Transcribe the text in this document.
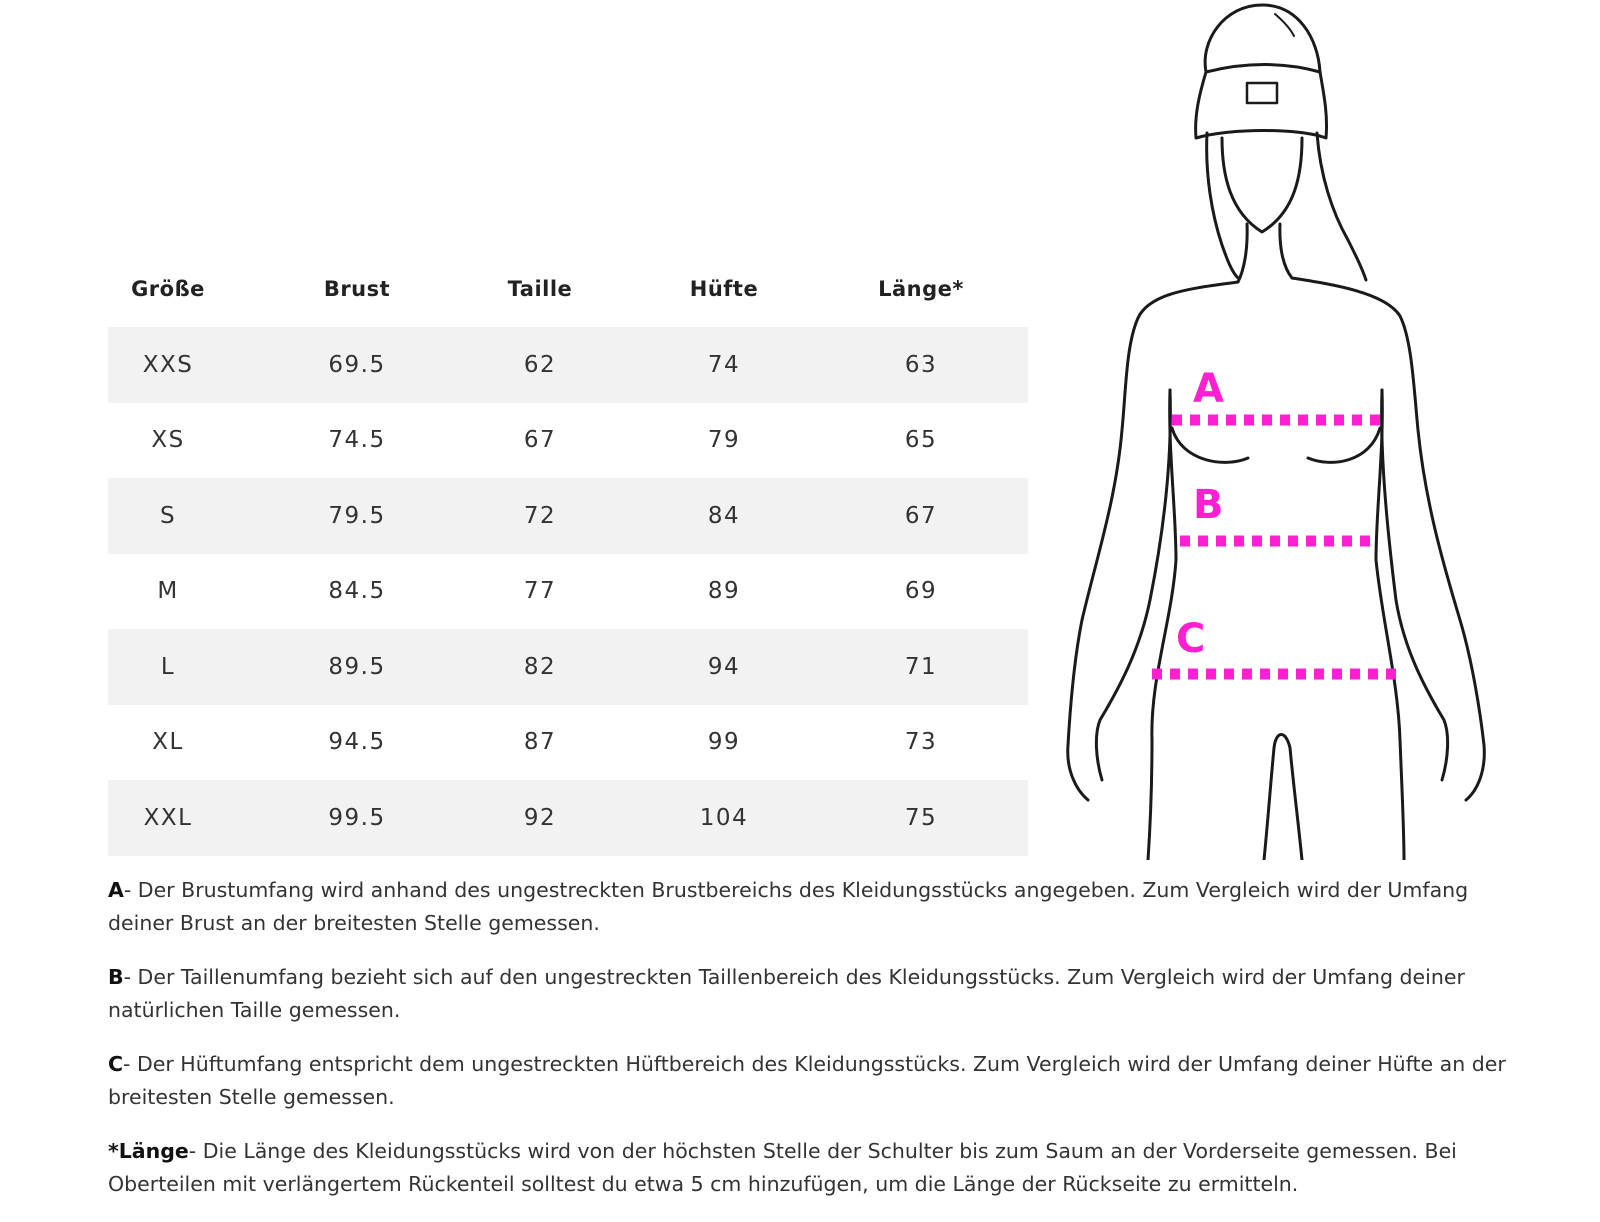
Größe	Brust	Taille	Hüfte	Länge*
XXS	69.5	62	74	63
XS	74.5	67	79	65
S	79.5	72	84	67
M	84.5	77	89	69
L	89.5	82	94	71
XL	94.5	87	99	73
XXL	99.5	92	104	75
A
B
C

A- Der Brustumfang wird anhand des ungestreckten Brustbereichs des Kleidungsstücks angegeben. Zum Vergleich wird der Umfang deiner Brust an der breitesten Stelle gemessen.

B- Der Taillenumfang bezieht sich auf den ungestreckten Taillenbereich des Kleidungsstücks. Zum Vergleich wird der Umfang deiner natürlichen Taille gemessen.

C- Der Hüftumfang entspricht dem ungestreckten Hüftbereich des Kleidungsstücks. Zum Vergleich wird der Umfang deiner Hüfte an der breitesten Stelle gemessen.

*Länge- Die Länge des Kleidungsstücks wird von der höchsten Stelle der Schulter bis zum Saum an der Vorderseite gemessen. Bei Oberteilen mit verlängertem Rückenteil solltest du etwa 5 cm hinzufügen, um die Länge der Rückseite zu ermitteln.
